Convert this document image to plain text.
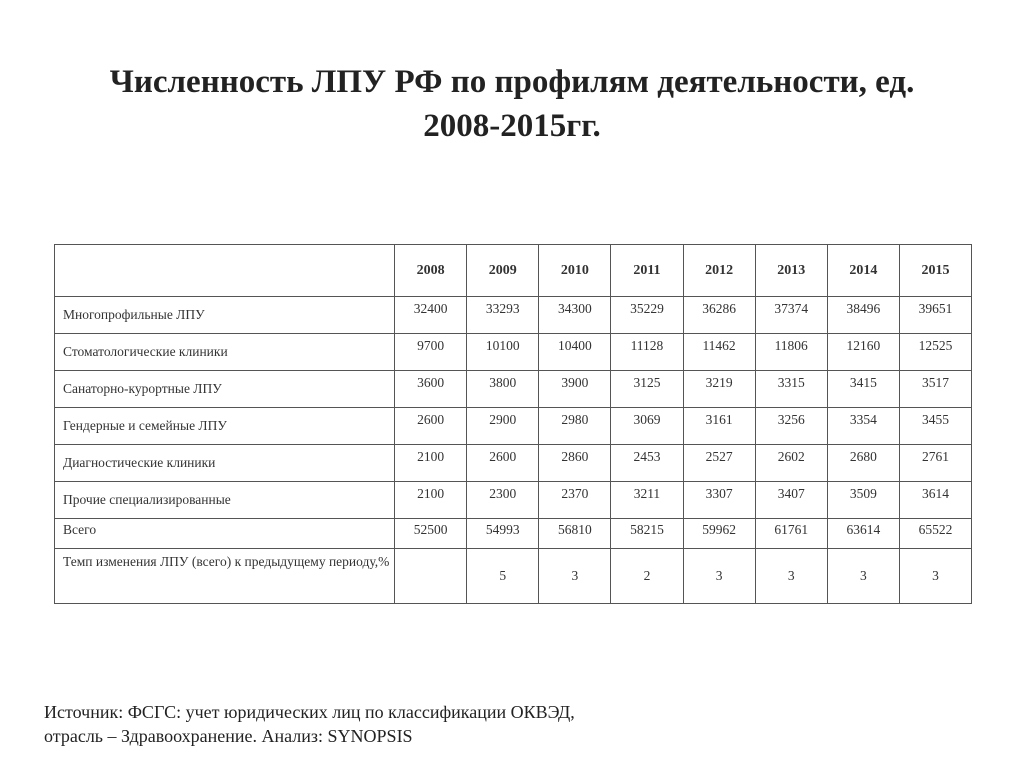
Численность ЛПУ РФ по профилям деятельности, ед.
2008-2015гг.
	2008	2009	2010	2011	2012	2013	2014	2015
Многопрофильные ЛПУ	32400	33293	34300	35229	36286	37374	38496	39651
Стоматологические клиники	9700	10100	10400	11128	11462	11806	12160	12525
Санаторно-курортные ЛПУ	3600	3800	3900	3125	3219	3315	3415	3517
Гендерные и семейные ЛПУ	2600	2900	2980	3069	3161	3256	3354	3455
Диагностические клиники	2100	2600	2860	2453	2527	2602	2680	2761
Прочие специализированные	2100	2300	2370	3211	3307	3407	3509	3614
Всего	52500	54993	56810	58215	59962	61761	63614	65522
Темп изменения ЛПУ (всего) к предыдущему периоду,%		5	3	2	3	3	3	3
Источник: ФСГС: учет юридических лиц по классификации ОКВЭД,
отрасль – Здравоохранение. Анализ: SYNOPSIS
